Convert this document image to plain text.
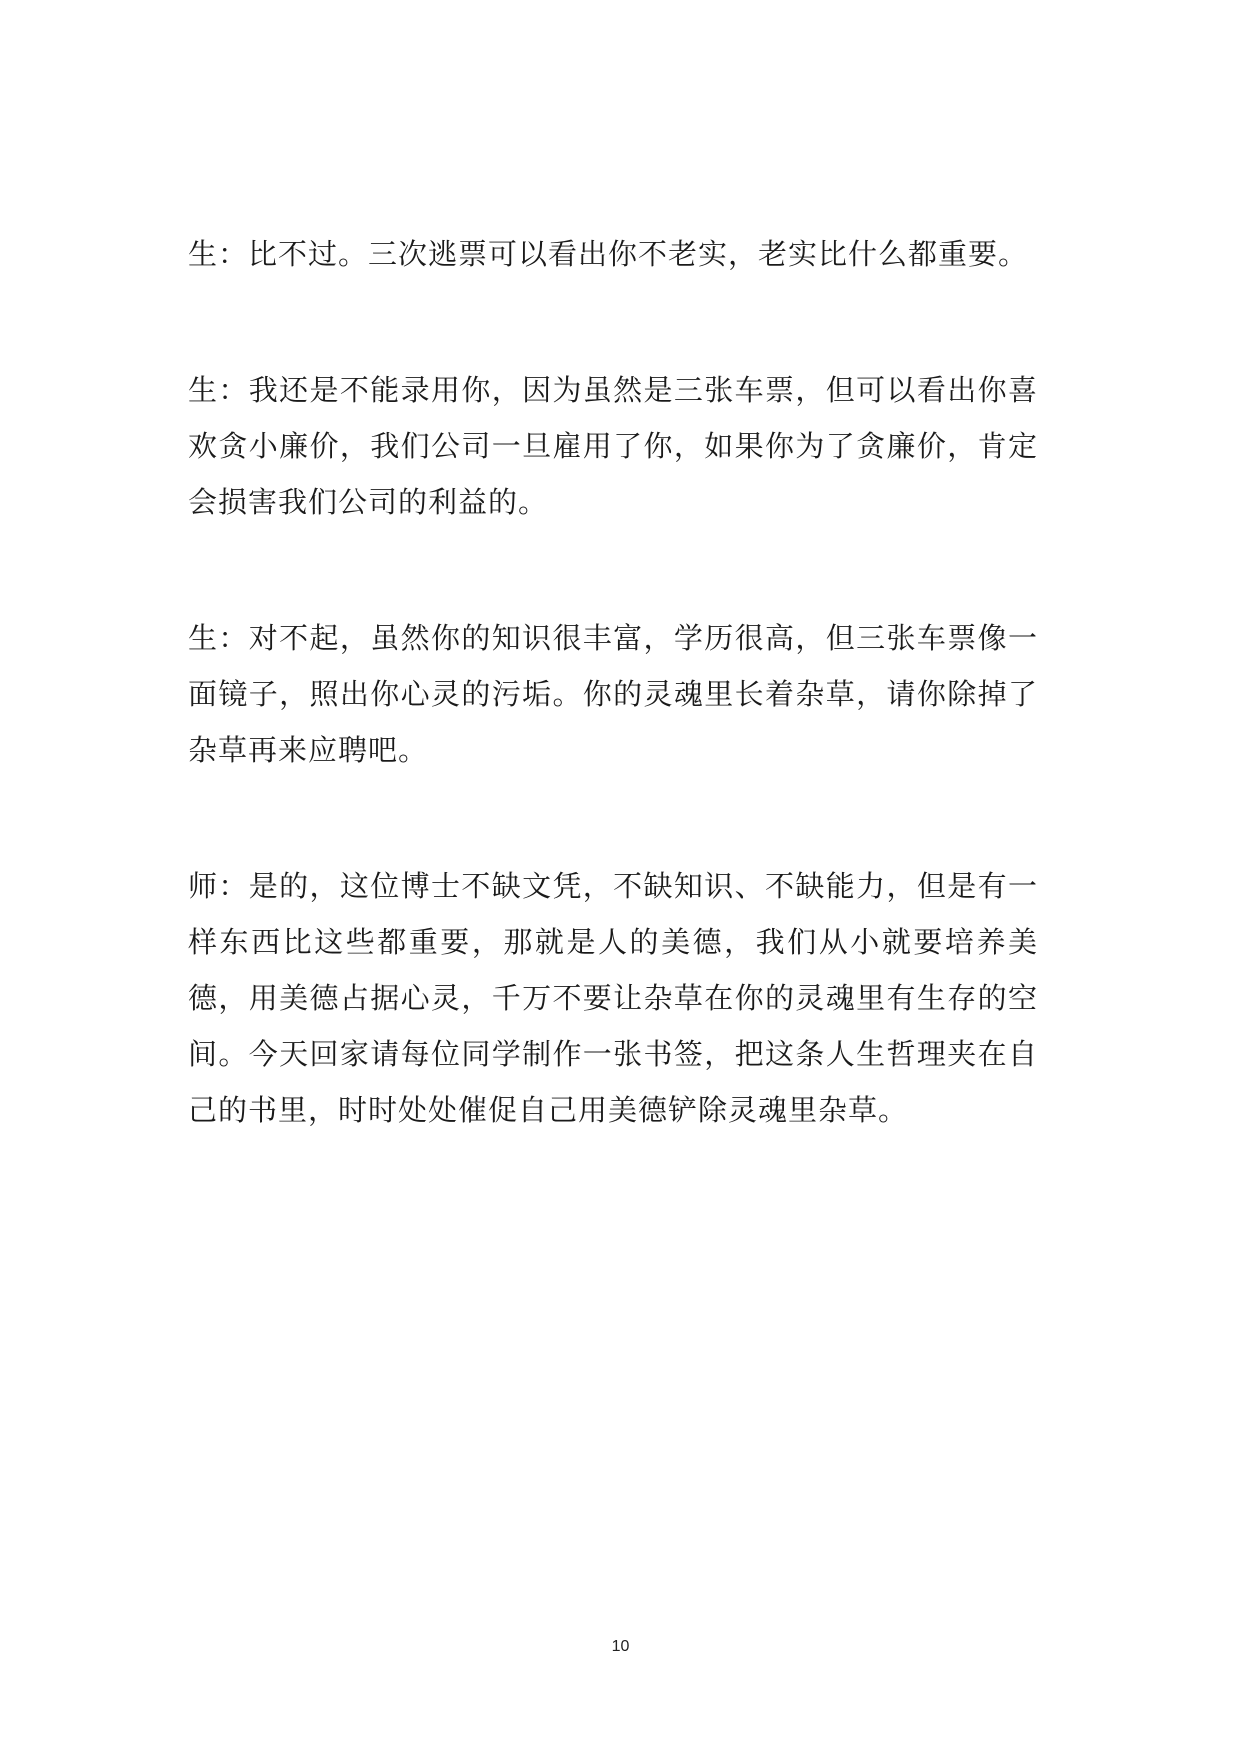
生：比不过。三次逃票可以看出你不老实，老实比什么都重要。

生：我还是不能录用你，因为虽然是三张车票，但可以看出你喜欢贪小廉价，我们公司一旦雇用了你，如果你为了贪廉价，肯定会损害我们公司的利益的。

生：对不起，虽然你的知识很丰富，学历很高，但三张车票像一面镜子，照出你心灵的污垢。你的灵魂里长着杂草，请你除掉了杂草再来应聘吧。

师：是的，这位博士不缺文凭，不缺知识、不缺能力，但是有一样东西比这些都重要，那就是人的美德，我们从小就要培养美德，用美德占据心灵，千万不要让杂草在你的灵魂里有生存的空间。今天回家请每位同学制作一张书签，把这条人生哲理夹在自己的书里，时时处处催促自己用美德铲除灵魂里杂草。

10
